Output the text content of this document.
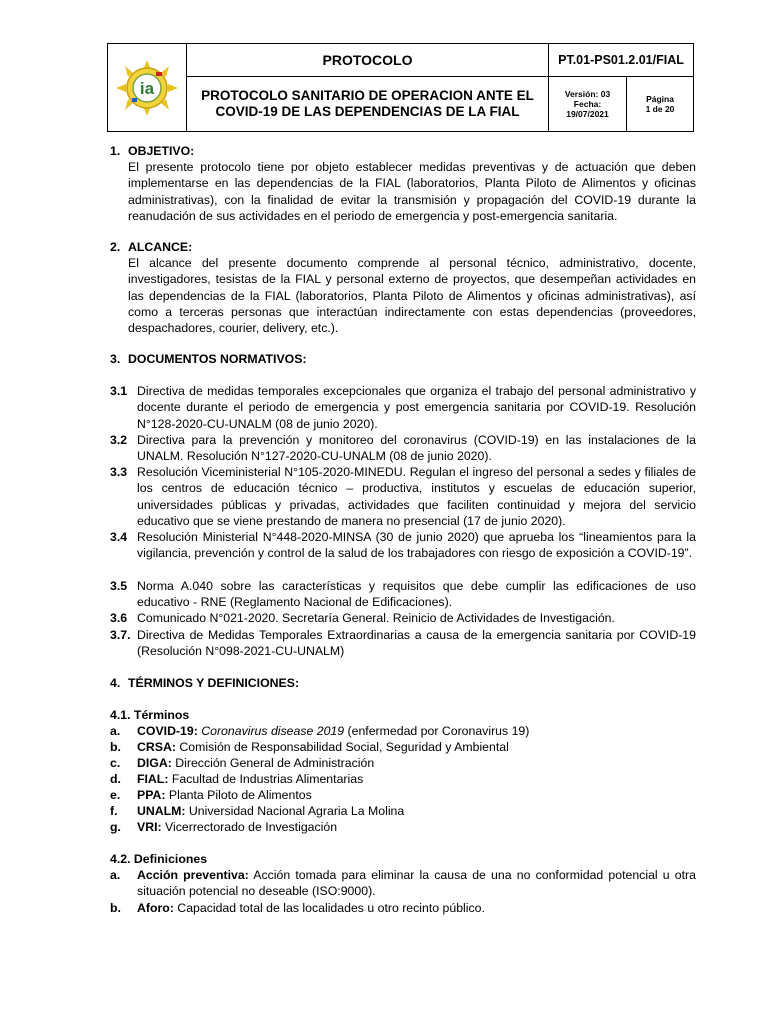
ia
PROTOCOLO
PROTOCOLO SANITARIO DE OPERACION ANTE EL COVID-19 DE LAS DEPENDENCIAS DE LA FIAL
PT.01-PS01.2.01/FIAL
Versión: 03
Fecha:
19/07/2021
Página
1 de 20
1. OBJETIVO:

El presente protocolo tiene por objeto establecer medidas preventivas y de actuación que deben implementarse en las dependencias de la FIAL (laboratorios, Planta Piloto de Alimentos y oficinas administrativas), con la finalidad de evitar la transmisión y propagación del COVID-19 durante la reanudación de sus actividades en el periodo de emergencia y post-emergencia sanitaria.

2. ALCANCE:

El alcance del presente documento comprende al personal técnico, administrativo, docente, investigadores, tesistas de la FIAL y personal externo de proyectos, que desempeñan actividades en las dependencias de la FIAL (laboratorios, Planta Piloto de Alimentos y oficinas administrativas), así como a terceras personas que interactúan indirectamente con estas dependencias (proveedores, despachadores, courier, delivery, etc.).

3. DOCUMENTOS NORMATIVOS:
3.1 Directiva de medidas temporales excepcionales que organiza el trabajo del personal administrativo y docente durante el periodo de emergencia y post emergencia sanitaria por COVID-19. Resolución N°128-2020-CU-UNALM (08 de junio 2020).

3.2 Directiva para la prevención y monitoreo del coronavirus (COVID-19) en las instalaciones de la UNALM. Resolución N°127-2020-CU-UNALM (08 de junio 2020).

3.3 Resolución Viceministerial N°105-2020-MINEDU. Regulan el ingreso del personal a sedes y filiales de los centros de educación técnico – productiva, institutos y escuelas de educación superior, universidades públicas y privadas, actividades que faciliten continuidad y mejora del servicio educativo que se viene prestando de manera no presencial (17 de junio 2020).

3.4 Resolución Ministerial N°448-2020-MINSA (30 de junio 2020) que aprueba los “lineamientos para la vigilancia, prevención y control de la salud de los trabajadores con riesgo de exposición a COVID-19”.

3.5 Norma A.040 sobre las características y requisitos que debe cumplir las edificaciones de uso educativo - RNE (Reglamento Nacional de Edificaciones).

3.6 Comunicado N°021-2020. Secretaría General. Reinicio de Actividades de Investigación.

3.7. Directiva de Medidas Temporales Extraordinarias a causa de la emergencia sanitaria por COVID-19 (Resolución N°098-2021-CU-UNALM)

4. TÉRMINOS Y DEFINICIONES:
4.1. Términos
a. COVID-19: Coronavirus disease 2019 (enfermedad por Coronavirus 19)

b. CRSA: Comisión de Responsabilidad Social, Seguridad y Ambiental

c. DIGA: Dirección General de Administración

d. FIAL: Facultad de Industrias Alimentarias

e. PPA: Planta Piloto de Alimentos

f. UNALM: Universidad Nacional Agraria La Molina

g. VRI: Vicerrectorado de Investigación

4.2. Definiciones
a. Acción preventiva: Acción tomada para eliminar la causa de una no conformidad potencial u otra situación potencial no deseable (ISO:9000).

b. Aforo: Capacidad total de las localidades u otro recinto público.
